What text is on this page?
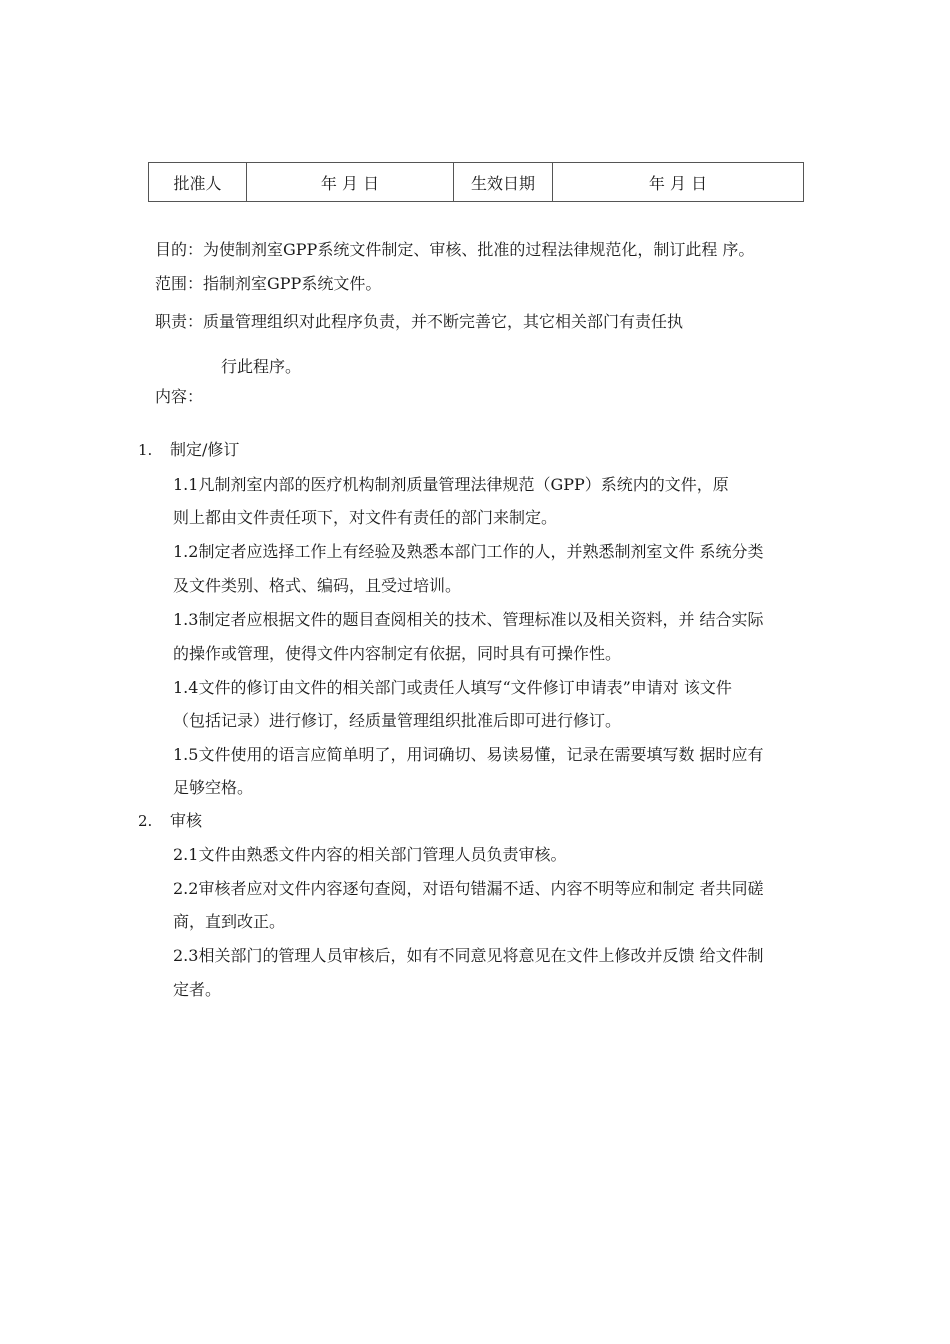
批准人	年 月 日	生效日期	年 月 日
目的：为使制剂室GPP系统文件制定、审核、批准的过程法律规范化，制订此程 序。
范围：指制剂室GPP系统文件。
职责：质量管理组织对此程序负责，并不断完善它，其它相关部门有责任执
行此程序。
内容：
1. 制定/修订
1.1凡制剂室内部的医疗机构制剂质量管理法律规范（GPP）系统内的文件，原
则上都由文件责任项下，对文件有责任的部门来制定。
1.2制定者应选择工作上有经验及熟悉本部门工作的人，并熟悉制剂室文件 系统分类
及文件类别、格式、编码，且受过培训。
1.3制定者应根据文件的题目查阅相关的技术、管理标准以及相关资料，并 结合实际
的操作或管理，使得文件内容制定有依据，同时具有可操作性。
1.4文件的修订由文件的相关部门或责任人填写“文件修订申请表”申请对 该文件
（包括记录）进行修订，经质量管理组织批准后即可进行修订。
1.5文件使用的语言应简单明了，用词确切、易读易懂，记录在需要填写数 据时应有
足够空格。
2. 审核
2.1文件由熟悉文件内容的相关部门管理人员负责审核。
2.2审核者应对文件内容逐句查阅，对语句错漏不适、内容不明等应和制定 者共同磋
商，直到改正。
2.3相关部门的管理人员审核后，如有不同意见将意见在文件上修改并反馈 给文件制
定者。
